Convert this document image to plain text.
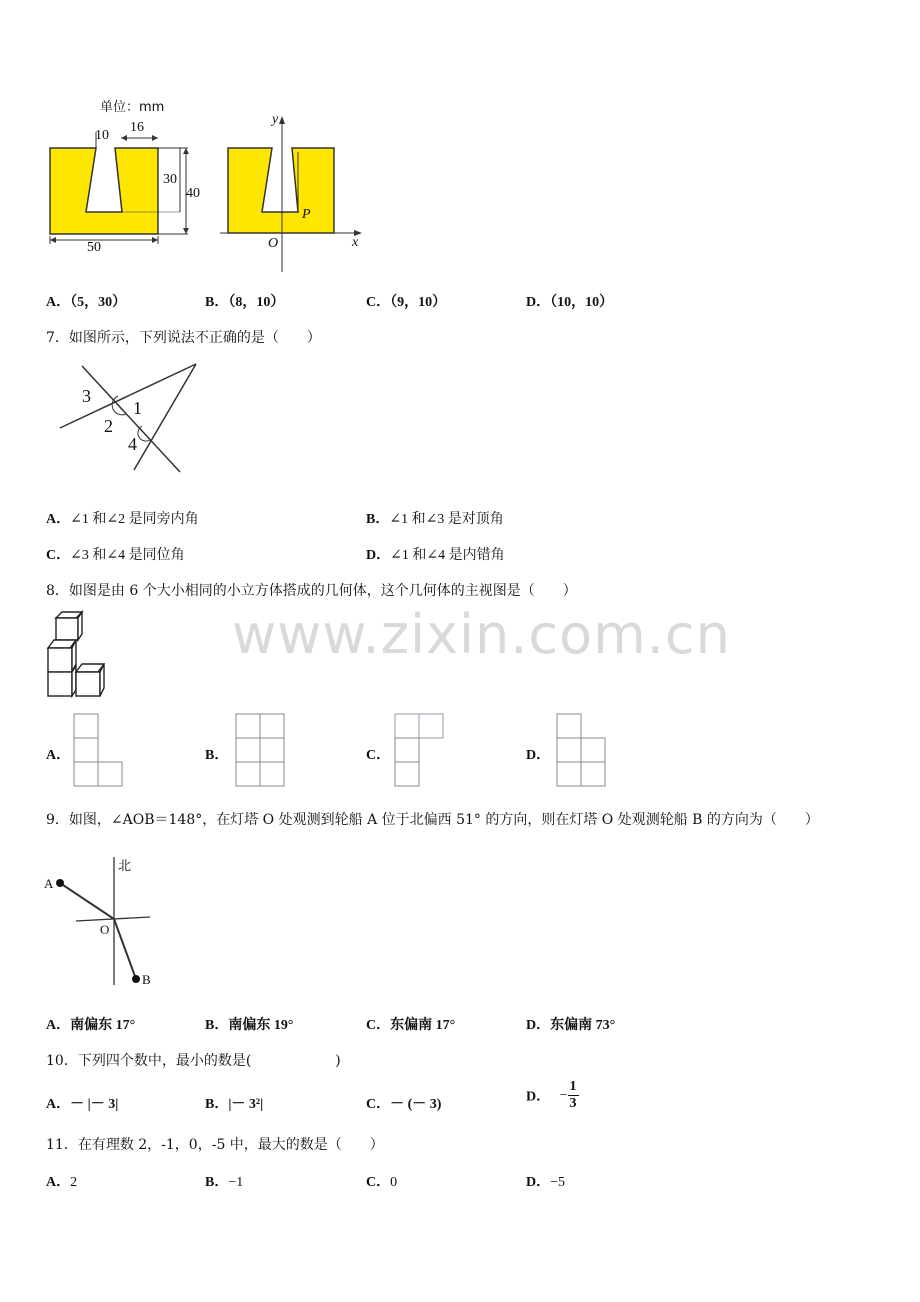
www.zixin.com.cn
单位：mm
10
16
30
40
50
y
x
O
P
A．（5，30）	B．（8，10）	C．（9，10）	D．（10，10）
7．如图所示，下列说法不正确的是（　　）
3
1
2
4
A．∠1 和∠2 是同旁内角	B．∠1 和∠3 是对顶角
C．∠3 和∠4 是同位角	D．∠1 和∠4 是内错角
8．如图是由 6 个大小相同的小立方体搭成的几何体，这个几何体的主视图是（　　）
A．	B．	C．	D．
9．如图，∠AOB＝148°，在灯塔 O 处观测到轮船 A 位于北偏西 51° 的方向，则在灯塔 O 处观测轮船 B 的方向为（　　）
北
A
O
B
A．南偏东 17°	B．南偏东 19°	C．东偏南 17°	D．东偏南 73°
10．下列四个数中，最小的数是(　　　　　　)
A．－ |－ 3|	B．|－ 3²|	C．－ (－ 3)	D． − $\frac{1}{3}$
11．在有理数 2，-1，0，-5 中，最大的数是（　　）
A．2	B．−1	C．0	D．−5
